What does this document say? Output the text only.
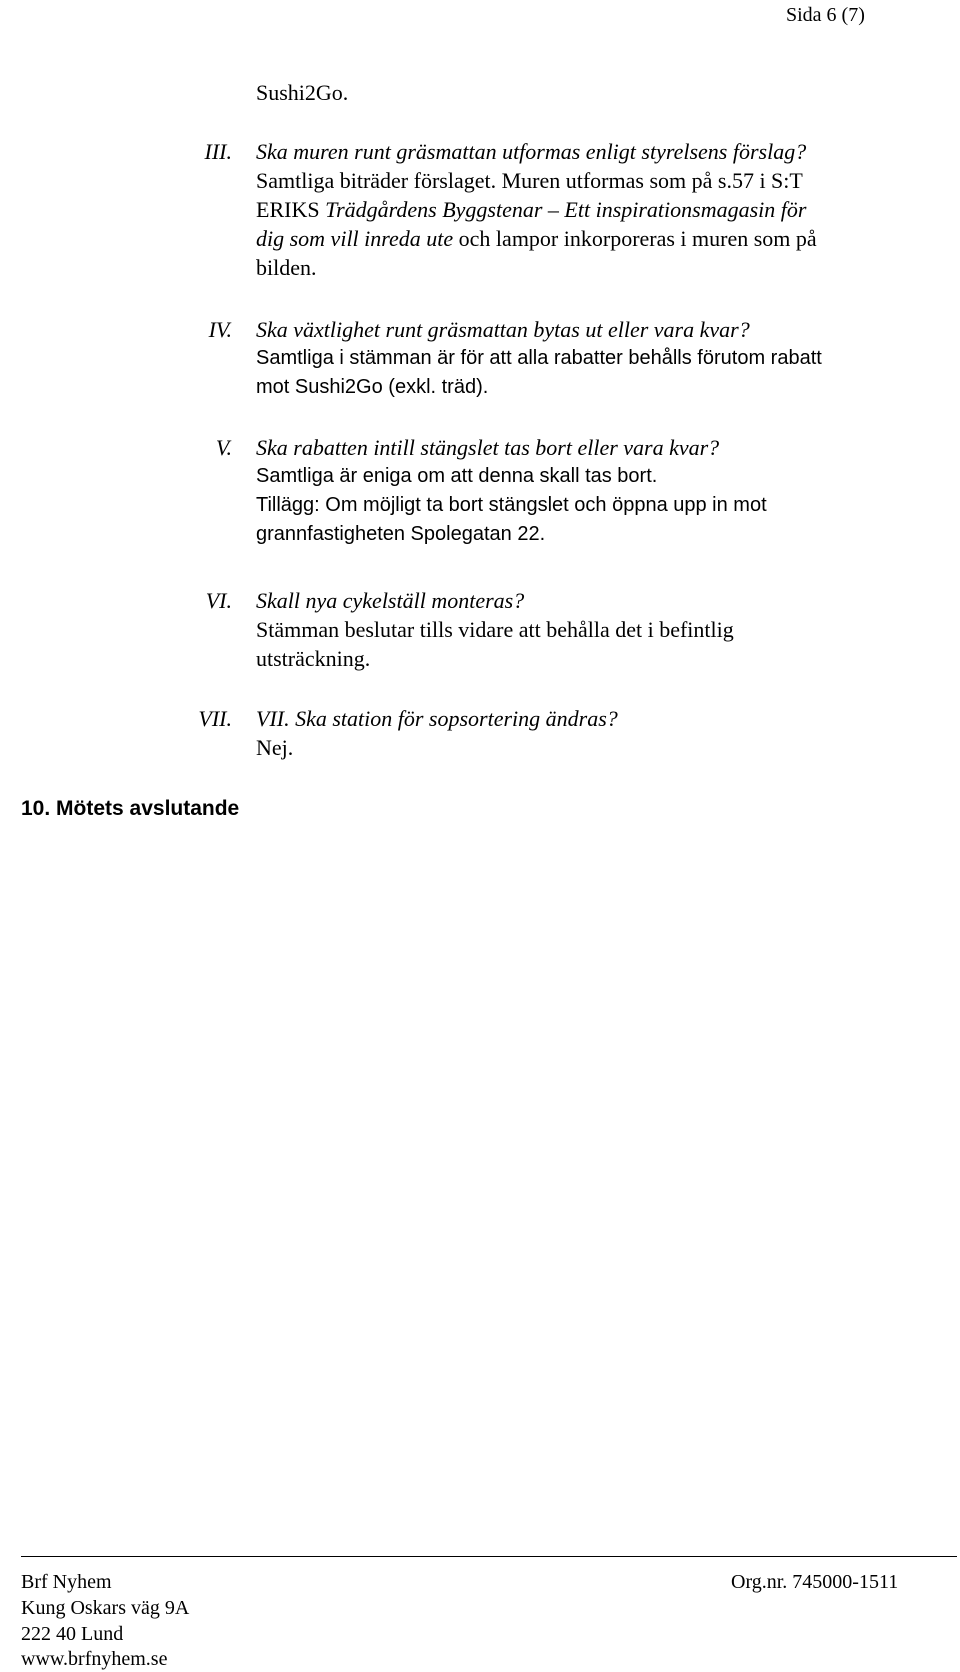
Sida 6 (7)
Sushi2Go.
III. Ska muren runt gräsmattan utformas enligt styrelsens förslag?
Samtliga biträder förslaget. Muren utformas som på s.57 i S:T
ERIKS Trädgårdens Byggstenar – Ett inspirationsmagasin för
dig som vill inreda ute och lampor inkorporeras i muren som på
bilden.
IV. Ska växtlighet runt gräsmattan bytas ut eller vara kvar?
Samtliga i stämman är för att alla rabatter behålls förutom rabatt
mot Sushi2Go (exkl. träd).
V. Ska rabatten intill stängslet tas bort eller vara kvar?
Samtliga är eniga om att denna skall tas bort.
Tillägg: Om möjligt ta bort stängslet och öppna upp in mot
grannfastigheten Spolegatan 22.
VI. Skall nya cykelställ monteras?
Stämman beslutar tills vidare att behålla det i befintlig
utsträckning.
VII. VII. Ska station för sopsortering ändras?
Nej.
10. Mötets avslutande
Brf Nyhem
Kung Oskars väg 9A
222 40 Lund
www.brfnyhem.se
Org.nr. 745000-1511
